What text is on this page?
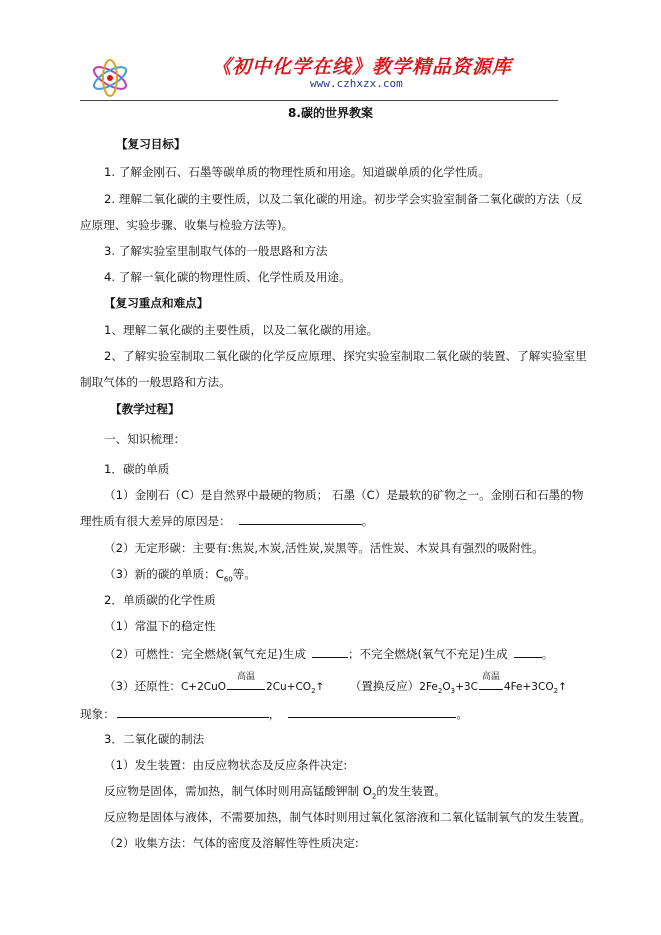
《初中化学在线》教学精品资源库
www.czhxzx.com
8.碳的世界教案
【复习目标】
1. 了解金刚石、石墨等碳单质的物理性质和用途。知道碳单质的化学性质。
2. 理解二氧化碳的主要性质，以及二氧化碳的用途。初步学会实验室制备二氧化碳的方法（反
应原理、实验步骤、收集与检验方法等)。
3. 了解实验室里制取气体的一般思路和方法
4. 了解一氧化碳的物理性质、化学性质及用途。
【复习重点和难点】
1、理解二氧化碳的主要性质，以及二氧化碳的用途。
2、了解实验室制取二氧化碳的化学反应原理、探究实验室制取二氧化碳的装置、了解实验室里
制取气体的一般思路和方法。
【教学过程】
一、知识梳理：
1．碳的单质
（1）金刚石（C）是自然界中最硬的物质； 石墨（C）是最软的矿物之一。金刚石和石墨的物
理性质有很大差异的原因是：	。
（2）无定形碳：主要有:焦炭,木炭,活性炭,炭黑等。活性炭、木炭具有强烈的吸附性。
（3）新的碳的单质：$C_{60}$等。
2．单质碳的化学性质
（1）常温下的稳定性
（2）可燃性：完全燃烧(氧气充足)生成	；不完全燃烧(氧气不充足)生成	。
（3）还原性：C+2CuO
高温
$2Cu+CO_2↑$ （置换反应）$2Fe_2O_3+3C$
高温
$4Fe+3CO_2↑$
现象：	，	。
3．二氧化碳的制法
（1）发生装置：由反应物状态及反应条件决定:
反应物是固体，需加热，制气体时则用高锰酸钾制 $O_2$的发生装置。
反应物是固体与液体，不需要加热，制气体时则用过氧化氢溶液和二氧化锰制氧气的发生装置。
（2）收集方法：气体的密度及溶解性等性质决定:
